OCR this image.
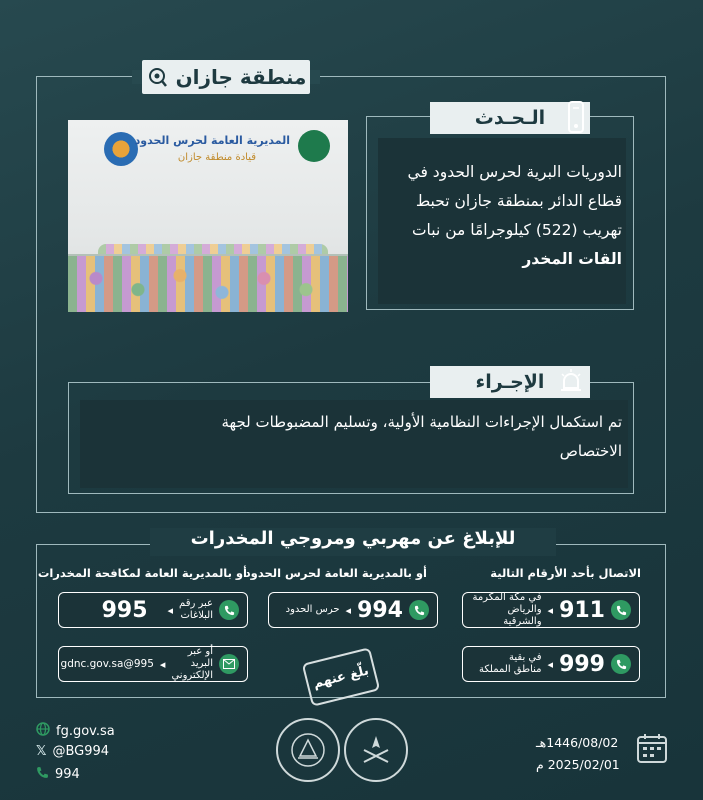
منطقة جازان
المديرية العامة لحرس الحدود
قيادة منطقة جازان
الـحـدث
الدوريات البرية لحرس الحدود في
قطاع الدائر بمنطقة جازان تحبط
تهريب (522) كيلوجرامًا من نبات
القات المخدر
الإجـراء
تم استكمال الإجراءات النظامية الأولية، وتسليم المضبوطات لجهة
الاختصاص
للإبلاغ عن مهربي ومروجي المخدرات
الاتصال بأحد الأرقام التالية
أو بالمديرية العامة لحرس الحدود
أو بالمديرية العامة لمكافحة المخدرات
911
◂
في مكة المكرمة
والرياض والشرقية
999
◂
في بقية
مناطق المملكة
994
◂
حرس الحدود
عبر رقم
البلاغات
◂
995
أو عبر البريد
الإلكتروني
◂
995@gdnc.gov.sa	بلّغ عنهم
fg.gov.sa
𝕏 @BG994
994
1446/08/02هـ
2025/02/01 م
